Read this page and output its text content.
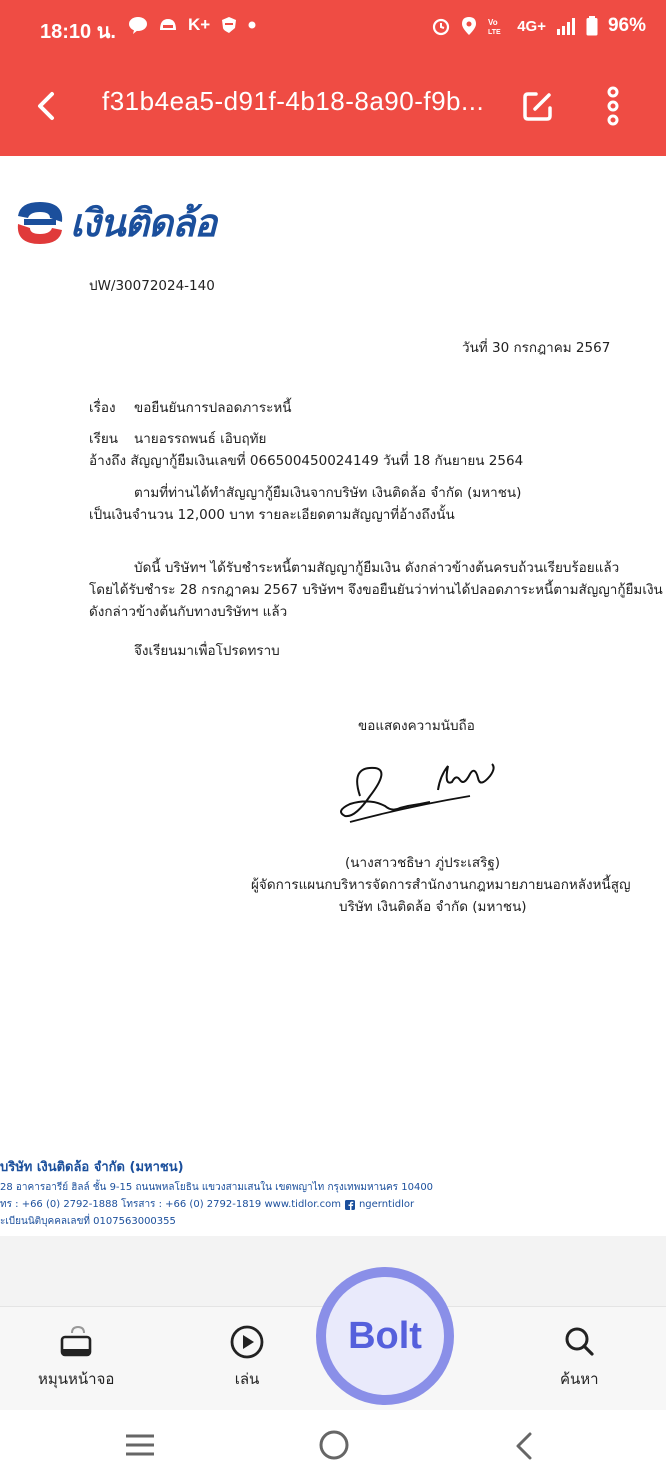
18:10 น.	K+	Vo
LTE 4G+	96%
f31b4ea5-d91f-4b18-8a90-f9b...
เงินติดล้อ
ปW/30072024-140
วันที่ 30 กรกฎาคม 2567
เรื่อง ขอยืนยันการปลอดภาระหนี้
เรียน นายอรรถพนธ์ เอิบฤทัย
อ้างถึง สัญญากู้ยืมเงินเลขที่ 066500450024149 วันที่ 18 กันยายน 2564
ตามที่ท่านได้ทำสัญญากู้ยืมเงินจากบริษัท เงินติดล้อ จำกัด (มหาชน)
เป็นเงินจำนวน 12,000 บาท รายละเอียดตามสัญญาที่อ้างถึงนั้น
บัดนี้ บริษัทฯ ได้รับชำระหนี้ตามสัญญากู้ยืมเงิน ดังกล่าวข้างต้นครบถ้วนเรียบร้อยแล้ว
โดยได้รับชำระ 28 กรกฎาคม 2567 บริษัทฯ จึงขอยืนยันว่าท่านได้ปลอดภาระหนี้ตามสัญญากู้ยืมเงิน
ดังกล่าวข้างต้นกับทางบริษัทฯ แล้ว
จึงเรียนมาเพื่อโปรดทราบ
ขอแสดงความนับถือ
(นางสาวชธิษา ภู่ประเสริฐ)
ผู้จัดการแผนกบริหารจัดการสำนักงานกฎหมายภายนอกหลังหนี้สูญ
บริษัท เงินติดล้อ จำกัด (มหาชน)
บริษัท เงินติดล้อ จำกัด (มหาชน)
28 อาคารอารีย์ ฮิลล์ ชั้น 9-15 ถนนพหลโยธิน แขวงสามเสนใน เขตพญาไท กรุงเทพมหานคร 10400
ทร : +66 (0) 2792-1888 โทรสาร : +66 (0) 2792-1819 www.tidlor.com ngerntidlor
ะเบียนนิติบุคคลเลขที่ 0107563000355
หมุนหน้าจอ	เล่น	ค้นหา
Bolt
